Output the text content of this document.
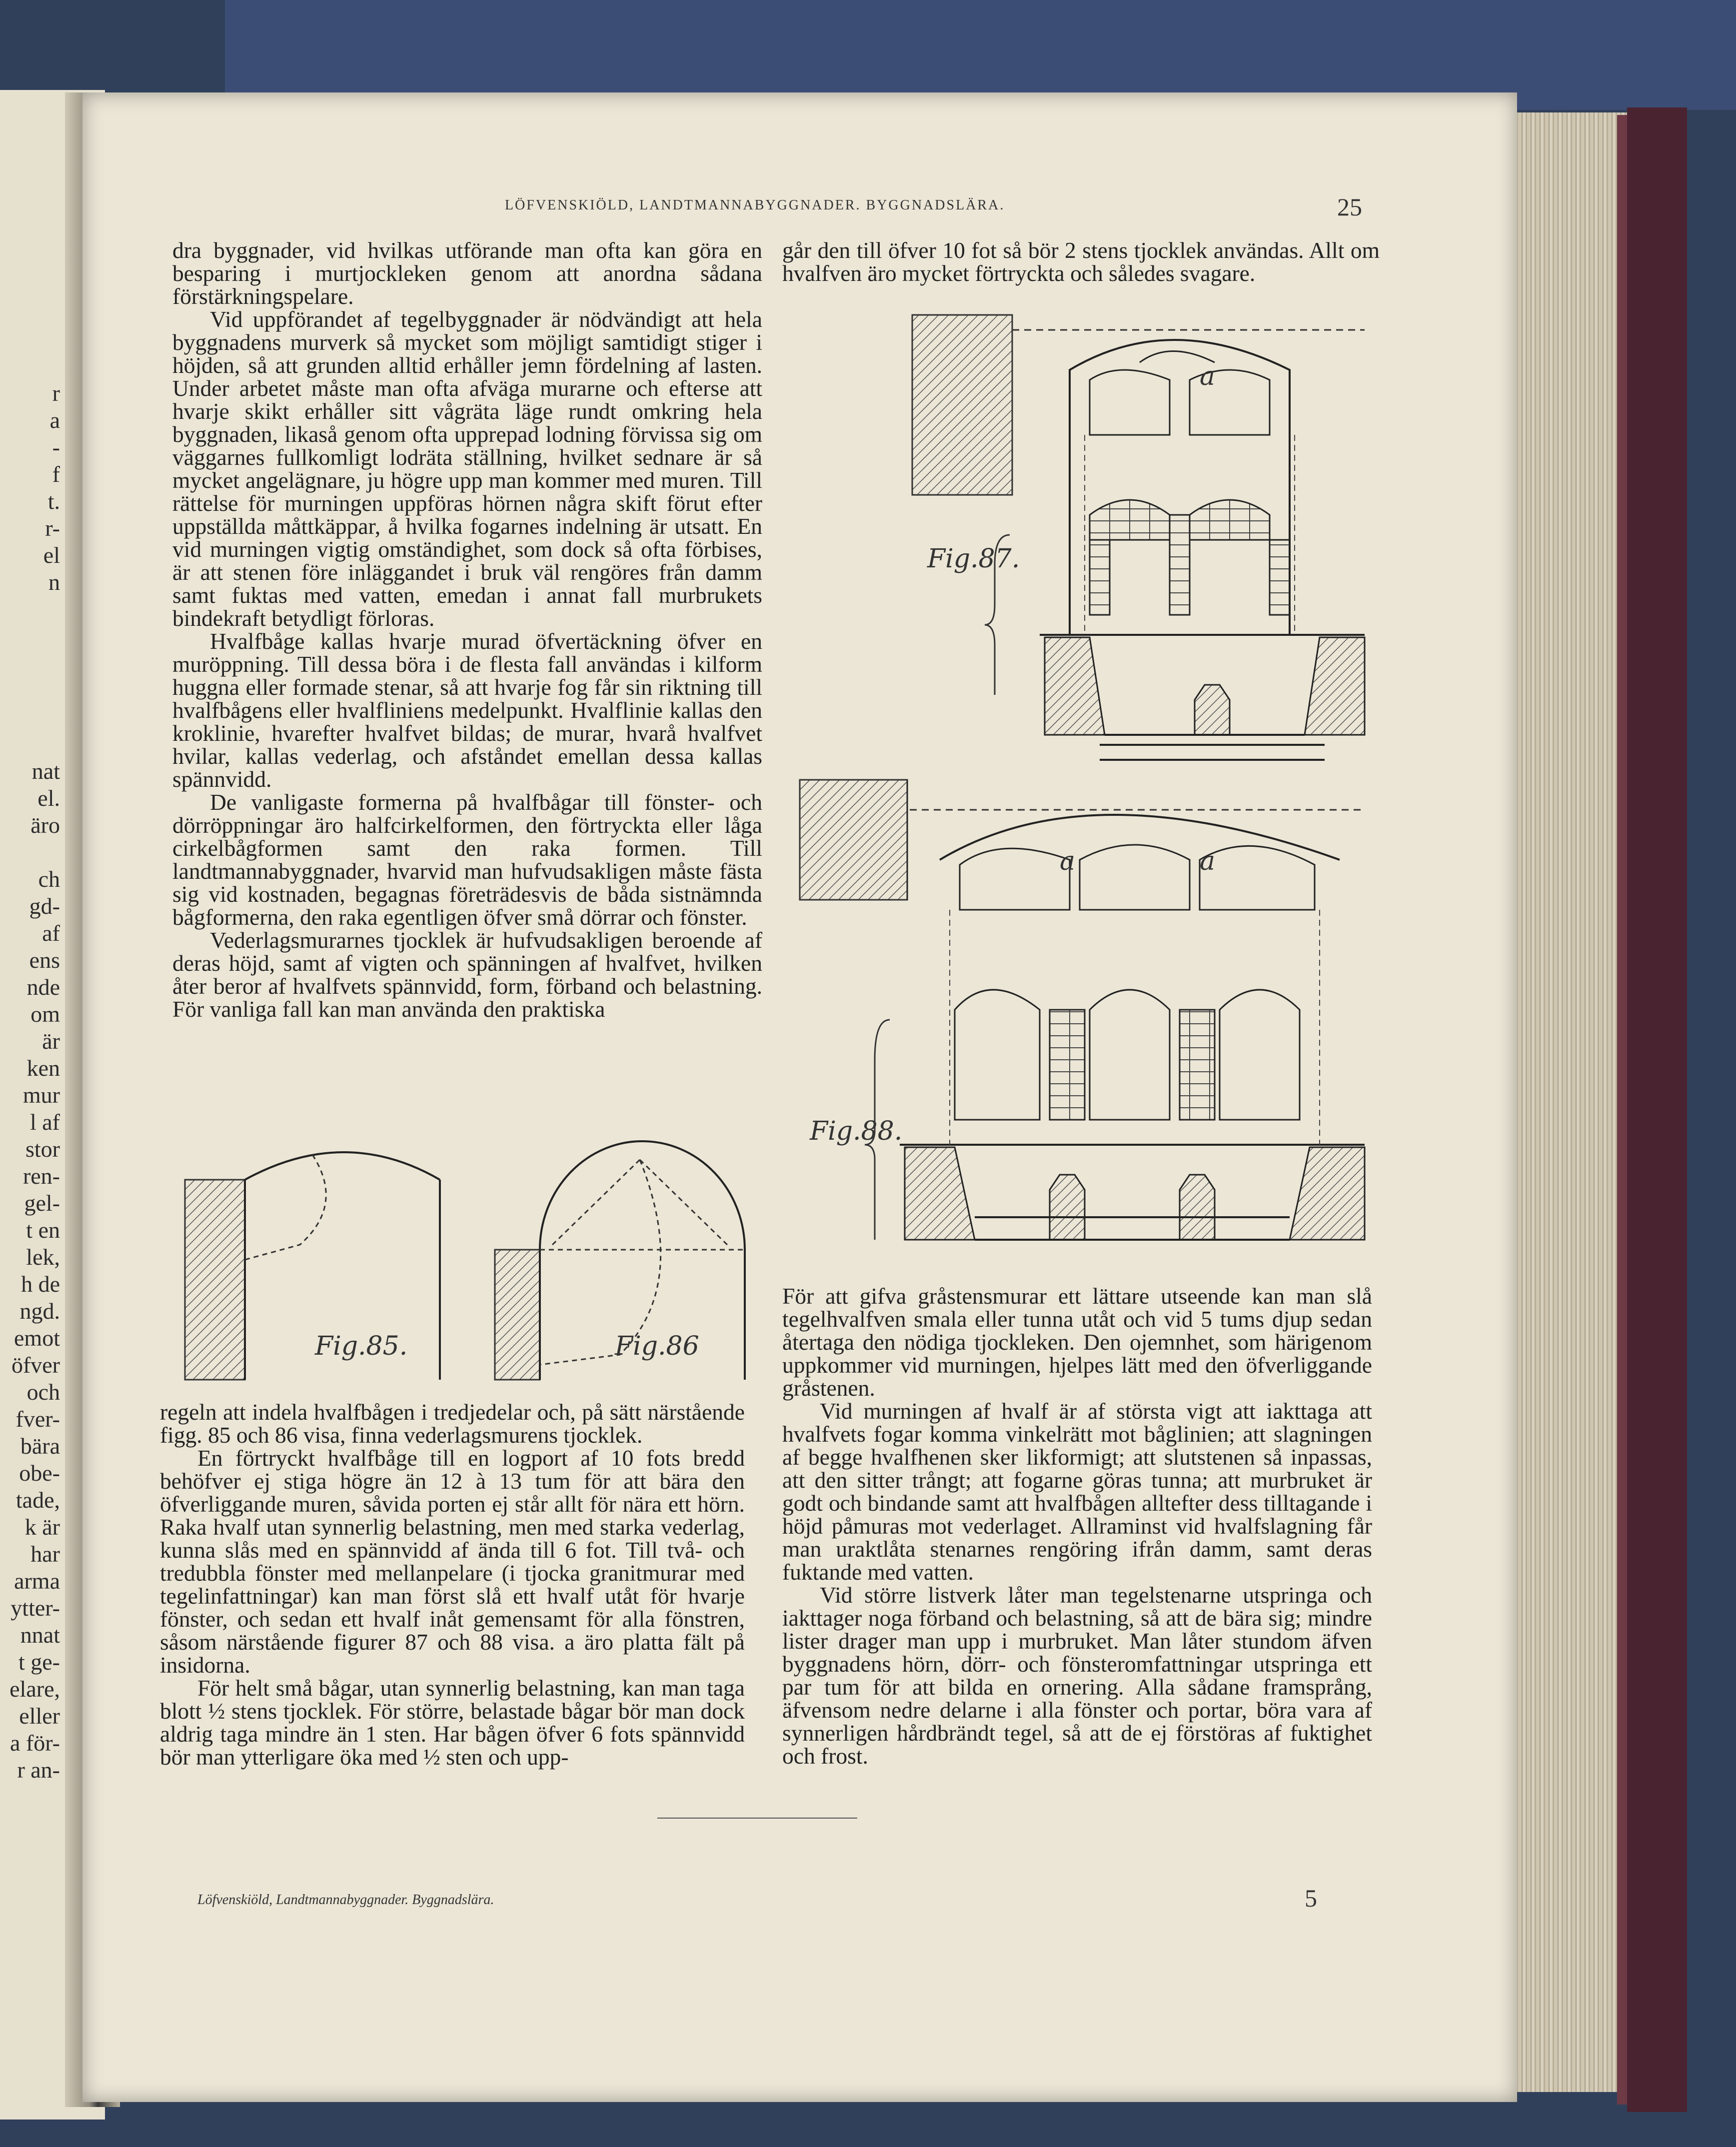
r
a
-
f
t.
r-
el
n

nat
el.
äro

ch
gd-
af
ens
nde
om
är
ken
mur
l af
stor
ren-
gel-
t en
lek,
h de
ngd.
emot
öfver
och
fver-
bära
obe-
tade,
k är
har
arma
ytter-
nnat
t ge-
elare,
eller
a för-
r an-
LÖFVENSKIÖLD, LANDTMANNABYGGNADER. BYGGNADSLÄRA.	25

dra byggnader, vid hvilkas utförande man ofta kan göra en besparing i murtjockleken genom att anordna sådana förstärkningspelare.

Vid uppförandet af tegelbyggnader är nödvändigt att hela byggnadens murverk så mycket som möjligt samtidigt stiger i höjden, så att grunden alltid erhåller jemn fördelning af lasten. Under arbetet måste man ofta afväga murarne och efterse att hvarje skikt erhåller sitt vågräta läge rundt omkring hela byggnaden, likaså genom ofta upprepad lodning förvissa sig om väggarnes fullkomligt lodräta ställning, hvilket sednare är så mycket angelägnare, ju högre upp man kommer med muren. Till rättelse för murningen uppföras hörnen några skift förut efter uppställda måttkäppar, å hvilka fogarnes indelning är utsatt. En vid murningen vigtig omständighet, som dock så ofta förbises, är att stenen före inläggandet i bruk väl rengöres från damm samt fuktas med vatten, emedan i annat fall murbrukets bindekraft betydligt förloras.

Hvalfbåge kallas hvarje murad öfvertäckning öfver en muröppning. Till dessa böra i de flesta fall användas i kilform huggna eller formade stenar, så att hvarje fog får sin riktning till hvalfbågens eller hvalfliniens medelpunkt. Hvalflinie kallas den kroklinie, hvarefter hvalfvet bildas; de murar, hvarå hvalfvet hvilar, kallas vederlag, och afståndet emellan dessa kallas spännvidd.

De vanligaste formerna på hvalfbågar till fönster- och dörröppningar äro halfcirkelformen, den förtryckta eller låga cirkelbågformen samt den raka formen. Till landtmannabyggnader, hvarvid man hufvudsakligen måste fästa sig vid kostnaden, begagnas företrädesvis de båda sistnämnda bågformerna, den raka egentligen öfver små dörrar och fönster.

Vederlagsmurarnes tjocklek är hufvudsakligen beroende af deras höjd, samt af vigten och spänningen af hvalfvet, hvilken åter beror af hvalfvets spännvidd, form, förband och belastning. För vanliga fall kan man använda den praktiska

Fig.85.	Fig.86

regeln att indela hvalfbågen i tredjedelar och, på sätt närstående figg. 85 och 86 visa, finna vederlagsmurens tjocklek.

En förtryckt hvalfbåge till en logport af 10 fots bredd behöfver ej stiga högre än 12 à 13 tum för att bära den öfverliggande muren, såvida porten ej står allt för nära ett hörn. Raka hvalf utan synnerlig belastning, men med starka vederlag, kunna slås med en spännvidd af ända till 6 fot. Till två- och tredubbla fönster med mellanpelare (i tjocka granitmurar med tegelinfattningar) kan man först slå ett hvalf utåt för hvarje fönster, och sedan ett hvalf inåt gemensamt för alla fönstren, såsom närstående figurer 87 och 88 visa. a äro platta fält på insidorna.

För helt små bågar, utan synnerlig belastning, kan man taga blott ½ stens tjocklek. För större, belastade bågar bör man dock aldrig taga mindre än 1 sten. Har bågen öfver 6 fots spännvidd bör man ytterligare öka med ½ sten och upp-

går den till öfver 10 fot så bör 2 stens tjocklek användas. Allt om hvalfven äro mycket förtryckta och således svagare.

a
Fig.87.
a	a
Fig.88.

För att gifva gråstensmurar ett lättare utseende kan man slå tegelhvalfven smala eller tunna utåt och vid 5 tums djup sedan återtaga den nödiga tjockleken. Den ojemnhet, som härigenom uppkommer vid murningen, hjelpes lätt med den öfverliggande gråstenen.

Vid murningen af hvalf är af största vigt att iakttaga att hvalfvets fogar komma vinkelrätt mot båglinien; att slagningen af begge hvalfhenen sker likformigt; att slutstenen så inpassas, att den sitter trångt; att fogarne göras tunna; att murbruket är godt och bindande samt att hvalfbågen alltefter dess tilltagande i höjd påmuras mot vederlaget. Allraminst vid hvalfslagning får man uraktlåta stenarnes rengöring ifrån damm, samt deras fuktande med vatten.

Vid större listverk låter man tegelstenarne utspringa och iakttager noga förband och belastning, så att de bära sig; mindre lister drager man upp i murbruket. Man låter stundom äfven byggnadens hörn, dörr- och fönsteromfattningar utspringa ett par tum för att bilda en ornering. Alla sådane framsprång, äfvensom nedre delarne i alla fönster och portar, böra vara af synnerligen hårdbrändt tegel, så att de ej förstöras af fuktighet och frost.

Löfvenskiöld, Landtmannabyggnader. Byggnadslära.	5
